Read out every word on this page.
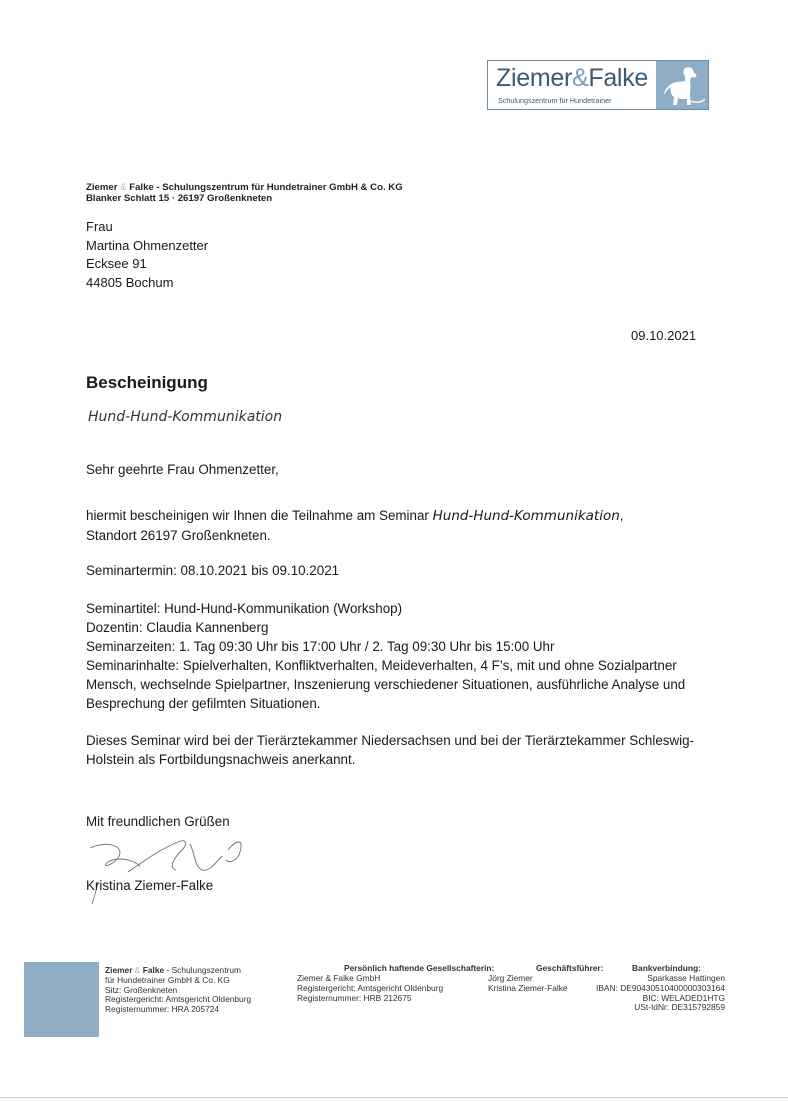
Ziemer&Falke
Schulungszentrum für Hundetrainer
Ziemer & Falke - Schulungszentrum für Hundetrainer GmbH & Co. KG
Blanker Schlatt 15 · 26197 Großenkneten
Frau
Martina Ohmenzetter
Ecksee 91
44805 Bochum
09.10.2021
Bescheinigung
Hund-Hund-Kommunikation
Sehr geehrte Frau Ohmenzetter,
hiermit bescheinigen wir Ihnen die Teilnahme am Seminar Hund-Hund-Kommunikation,
Standort 26197 Großenkneten.
Seminartermin: 08.10.2021 bis 09.10.2021
Seminartitel: Hund-Hund-Kommunikation (Workshop)
Dozentin: Claudia Kannenberg
Seminarzeiten: 1. Tag 09:30 Uhr bis 17:00 Uhr / 2. Tag 09:30 Uhr bis 15:00 Uhr
Seminarinhalte: Spielverhalten, Konfliktverhalten, Meideverhalten, 4 F’s, mit und ohne Sozialpartner
Mensch, wechselnde Spielpartner, Inszenierung verschiedener Situationen, ausführliche Analyse und
Besprechung der gefilmten Situationen.
Dieses Seminar wird bei der Tierärztekammer Niedersachsen und bei der Tierärztekammer Schleswig-
Holstein als Fortbildungsnachweis anerkannt.
Mit freundlichen Grüßen
Kristina Ziemer-Falke
Ziemer & Falke - Schulungszentrum
für Hundetrainer GmbH & Co. KG
Sitz: Großenkneten
Registergericht: Amtsgericht Oldenburg
Registernummer: HRA 205724
Persönlich haftende Gesellschafterin:
Ziemer & Falke GmbH
Registergericht: Amtsgericht Oldenburg
Registernummer: HRB 212675
Geschäftsführer:
Jörg Ziemer
Kristina Ziemer-Falke
Bankverbindung:
Sparkasse Hattingen
IBAN: DE90430510400000303164
BIC: WELADED1HTG
USt-IdNr: DE315792859
